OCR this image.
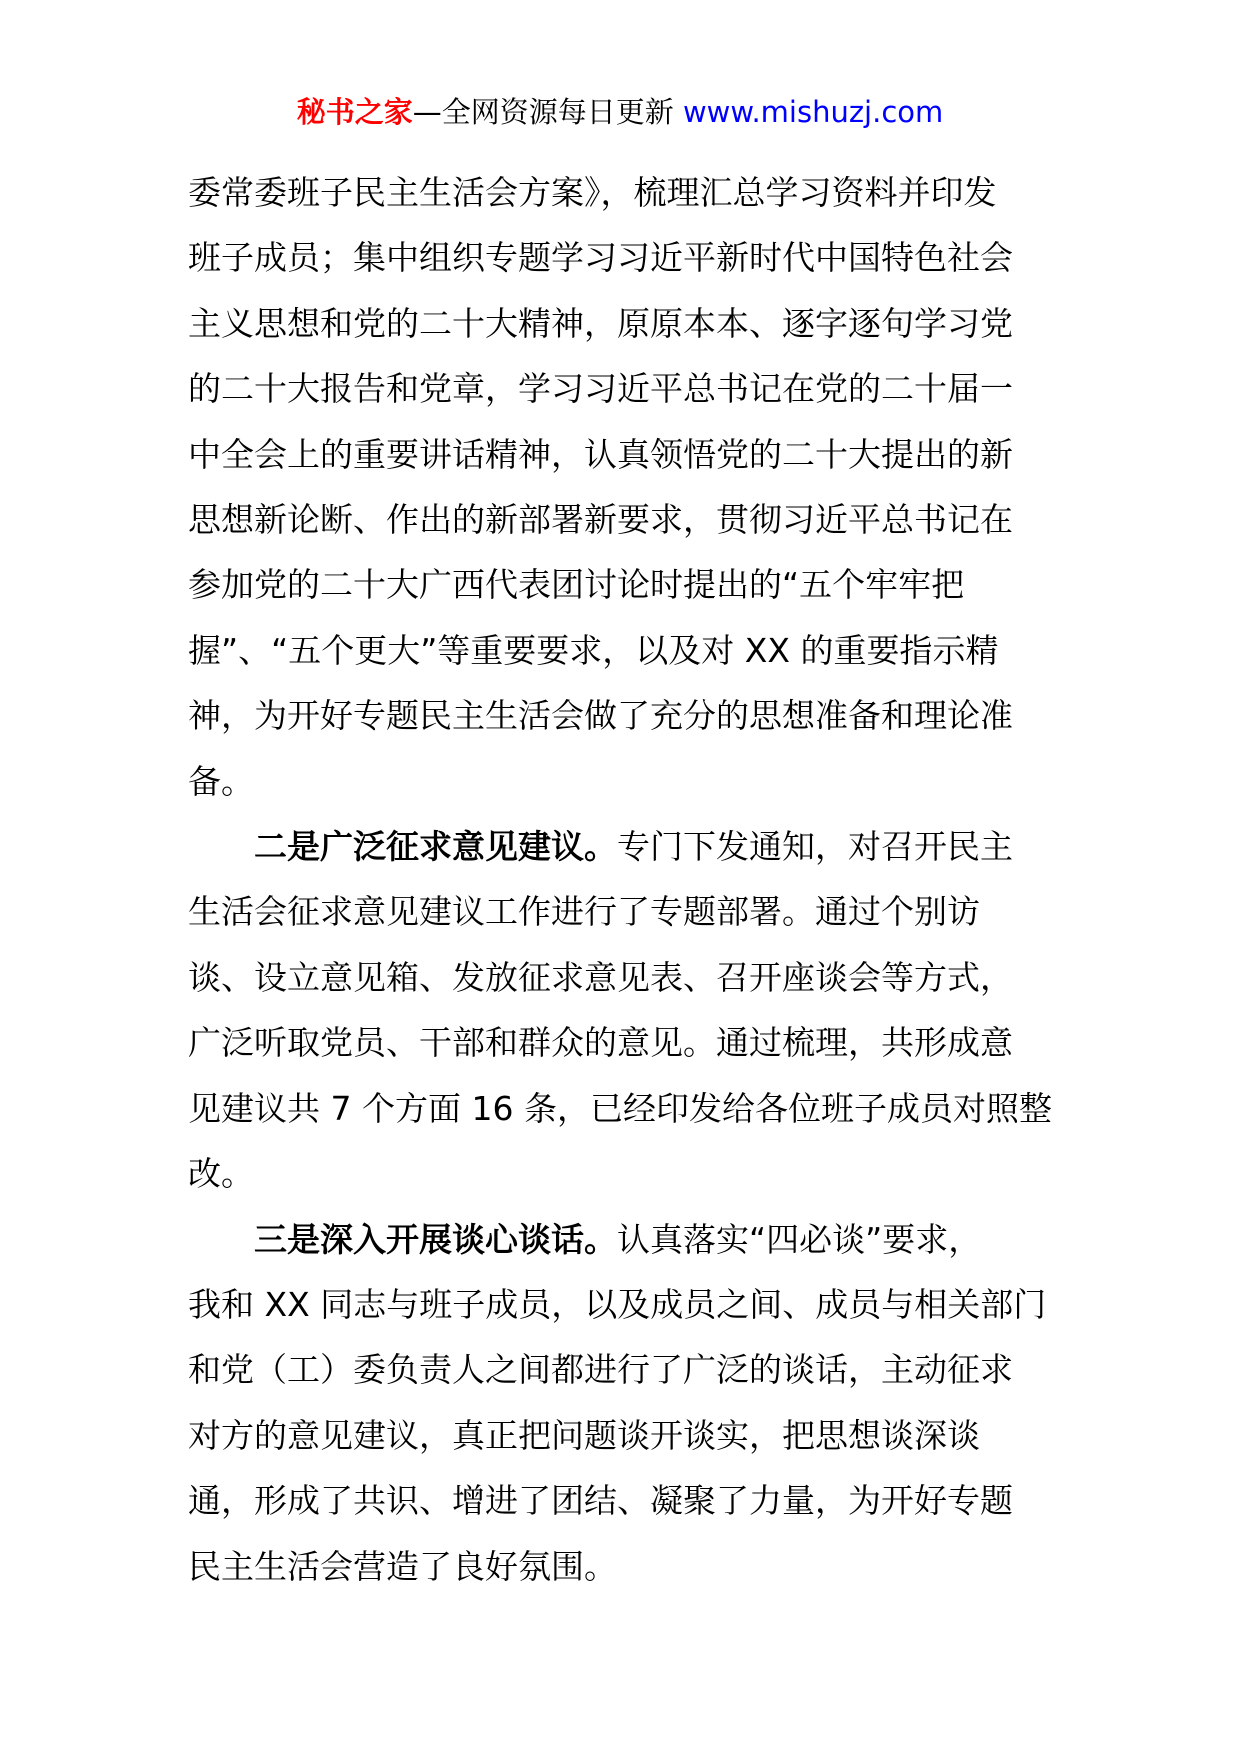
秘书之家—全网资源每日更新 www.mishuzj.com

委常委班子民主生活会方案》，梳理汇总学习资料并印发
班子成员；集中组织专题学习习近平新时代中国特色社会
主义思想和党的二十大精神，原原本本、逐字逐句学习党
的二十大报告和党章，学习习近平总书记在党的二十届一
中全会上的重要讲话精神，认真领悟党的二十大提出的新
思想新论断、作出的新部署新要求，贯彻习近平总书记在
参加党的二十大广西代表团讨论时提出的“五个牢牢把
握”、“五个更大”等重要要求，以及对 XX 的重要指示精
神，为开好专题民主生活会做了充分的思想准备和理论准
备。

　　二是广泛征求意见建议。专门下发通知，对召开民主
生活会征求意见建议工作进行了专题部署。通过个别访
谈、设立意见箱、发放征求意见表、召开座谈会等方式，
广泛听取党员、干部和群众的意见。通过梳理，共形成意
见建议共 7 个方面 16 条，已经印发给各位班子成员对照整
改。

　　三是深入开展谈心谈话。认真落实“四必谈”要求，
我和 XX 同志与班子成员，以及成员之间、成员与相关部门
和党（工）委负责人之间都进行了广泛的谈话，主动征求
对方的意见建议，真正把问题谈开谈实，把思想谈深谈
通，形成了共识、增进了团结、凝聚了力量，为开好专题
民主生活会营造了良好氛围。
